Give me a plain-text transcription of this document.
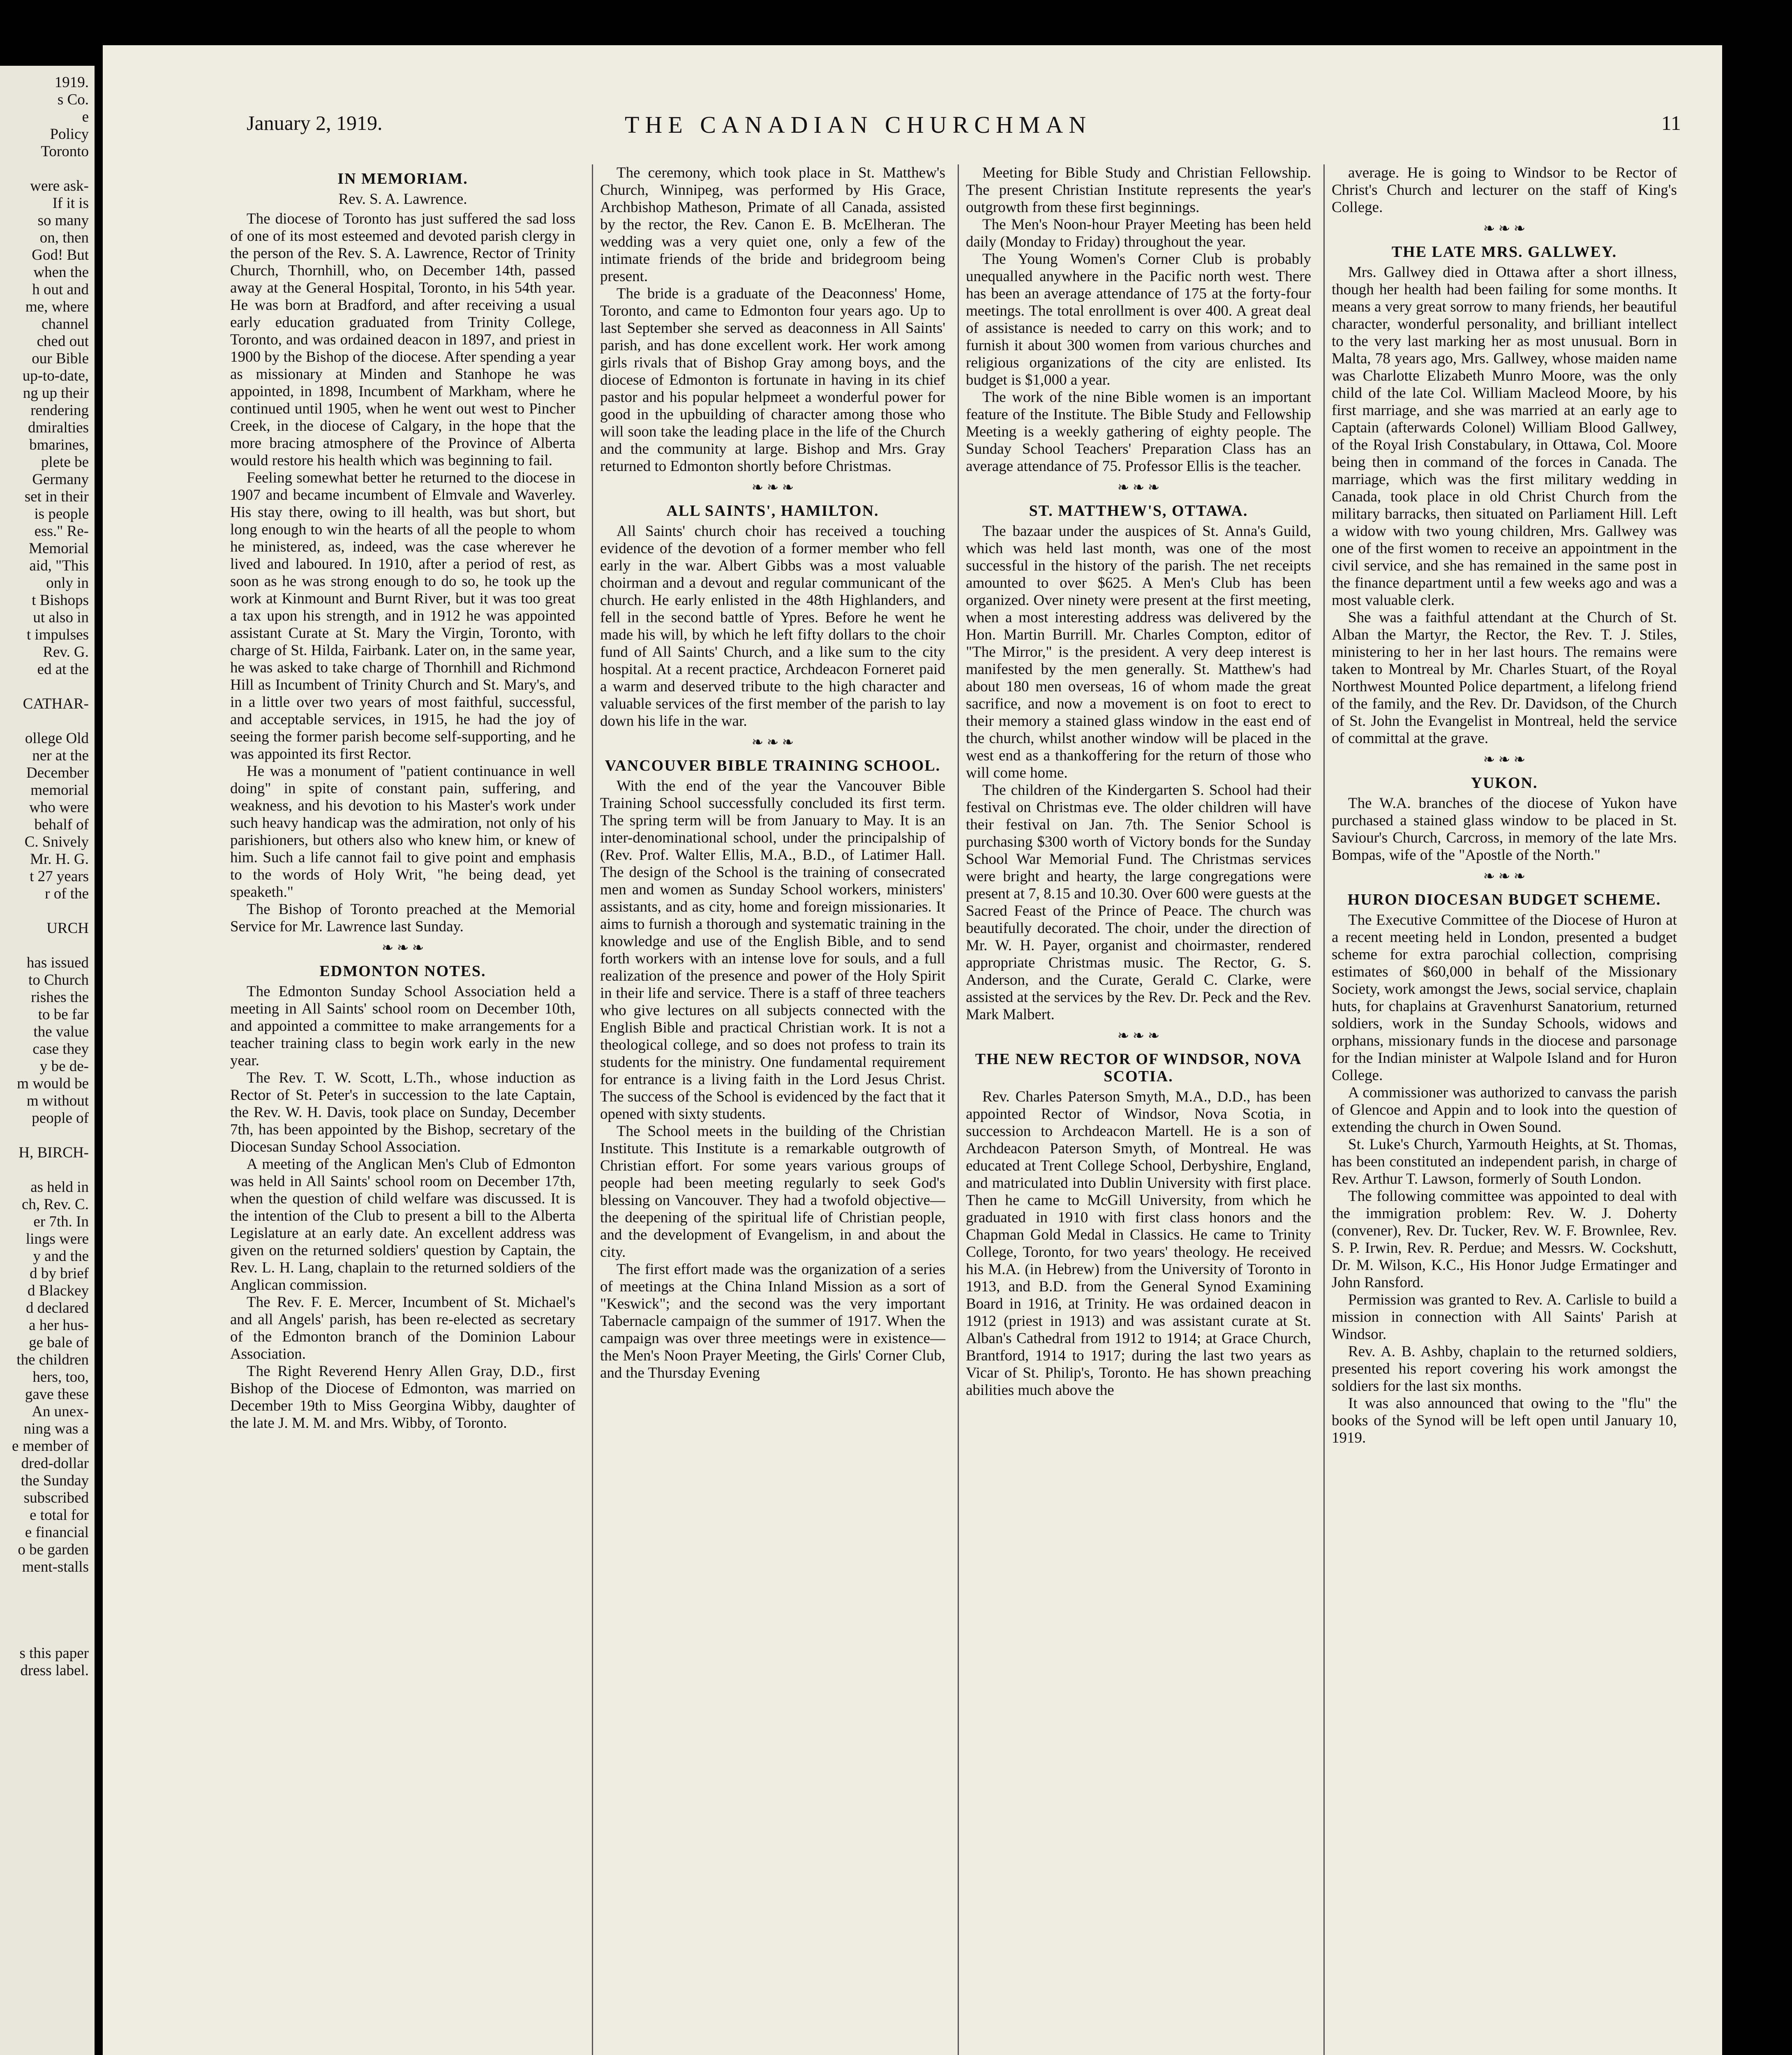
1919.
s Co.
e
Policy
Toronto
were ask-
If it is
so many
on, then
God! But
when the
h out and
me, where
channel
ched out
our Bible
up-to-date,
ng up their
rendering
dmiralties
bmarines,
plete be
Germany
set in their
is people
ess." Re-
Memorial
aid, "This
only in
t Bishops
ut also in
t impulses
Rev. G.
ed at the
CATHAR-
ollege Old
ner at the
December
memorial
who were
behalf of
C. Snively
Mr. H. G.
t 27 years
r of the
URCH
has issued
to Church
rishes the
to be far
the value
case they
y be de-
m would be
m without
people of
H, BIRCH-
as held in
ch, Rev. C.
er 7th. In
lings were
y and the
d by brief
d Blackey
d declared
a her hus-
ge bale of
the children
hers, too,
gave these
An unex-
ning was a
e member of
dred-dollar
the Sunday
subscribed
e total for
e financial
o be garden
ment-stalls
s this paper
dress label.
January 2, 1919.	THE CANADIAN CHURCHMAN	11
IN MEMORIAM.

Rev. S. A. Lawrence.

The diocese of Toronto has just suffered the sad loss of one of its most esteemed and devoted parish clergy in the person of the Rev. S. A. Lawrence, Rector of Trinity Church, Thornhill, who, on December 14th, passed away at the General Hospital, Toronto, in his 54th year. He was born at Bradford, and after receiving a usual early education graduated from Trinity College, Toronto, and was ordained deacon in 1897, and priest in 1900 by the Bishop of the diocese. After spending a year as missionary at Minden and Stanhope he was appointed, in 1898, Incumbent of Markham, where he continued until 1905, when he went out west to Pincher Creek, in the diocese of Calgary, in the hope that the more bracing atmosphere of the Province of Alberta would restore his health which was beginning to fail.

Feeling somewhat better he returned to the diocese in 1907 and became incumbent of Elmvale and Waverley. His stay there, owing to ill health, was but short, but long enough to win the hearts of all the people to whom he ministered, as, indeed, was the case wherever he lived and laboured. In 1910, after a period of rest, as soon as he was strong enough to do so, he took up the work at Kinmount and Burnt River, but it was too great a tax upon his strength, and in 1912 he was appointed assistant Curate at St. Mary the Virgin, Toronto, with charge of St. Hilda, Fairbank. Later on, in the same year, he was asked to take charge of Thornhill and Richmond Hill as Incumbent of Trinity Church and St. Mary's, and in a little over two years of most faithful, successful, and acceptable services, in 1915, he had the joy of seeing the former parish become self-supporting, and he was appointed its first Rector.

He was a monument of "patient continuance in well doing" in spite of constant pain, suffering, and weakness, and his devotion to his Master's work under such heavy handicap was the admiration, not only of his parishioners, but others also who knew him, or knew of him. Such a life cannot fail to give point and emphasis to the words of Holy Writ, "he being dead, yet speaketh."

The Bishop of Toronto preached at the Memorial Service for Mr. Lawrence last Sunday.

❧ ❧ ❧
EDMONTON NOTES.

The Edmonton Sunday School Association held a meeting in All Saints' school room on December 10th, and appointed a committee to make arrangements for a teacher training class to begin work early in the new year.

The Rev. T. W. Scott, L.Th., whose induction as Rector of St. Peter's in succession to the late Captain, the Rev. W. H. Davis, took place on Sunday, December 7th, has been appointed by the Bishop, secretary of the Diocesan Sunday School Association.

A meeting of the Anglican Men's Club of Edmonton was held in All Saints' school room on December 17th, when the question of child welfare was discussed. It is the intention of the Club to present a bill to the Alberta Legislature at an early date. An excellent address was given on the returned soldiers' question by Captain, the Rev. L. H. Lang, chaplain to the returned soldiers of the Anglican commission.

The Rev. F. E. Mercer, Incumbent of St. Michael's and all Angels' parish, has been re-elected as secretary of the Edmonton branch of the Dominion Labour Association.

The Right Reverend Henry Allen Gray, D.D., first Bishop of the Diocese of Edmonton, was married on December 19th to Miss Georgina Wibby, daughter of the late J. M. M. and Mrs. Wibby, of Toronto.

The ceremony, which took place in St. Matthew's Church, Winnipeg, was performed by His Grace, Archbishop Matheson, Primate of all Canada, assisted by the rector, the Rev. Canon E. B. McElheran. The wedding was a very quiet one, only a few of the intimate friends of the bride and bridegroom being present.

The bride is a graduate of the Deaconness' Home, Toronto, and came to Edmonton four years ago. Up to last September she served as deaconness in All Saints' parish, and has done excellent work. Her work among girls rivals that of Bishop Gray among boys, and the diocese of Edmonton is fortunate in having in its chief pastor and his popular helpmeet a wonderful power for good in the upbuilding of character among those who will soon take the leading place in the life of the Church and the community at large. Bishop and Mrs. Gray returned to Edmonton shortly before Christmas.

❧ ❧ ❧
ALL SAINTS', HAMILTON.

All Saints' church choir has received a touching evidence of the devotion of a former member who fell early in the war. Albert Gibbs was a most valuable choirman and a devout and regular communicant of the church. He early enlisted in the 48th Highlanders, and fell in the second battle of Ypres. Before he went he made his will, by which he left fifty dollars to the choir fund of All Saints' Church, and a like sum to the city hospital. At a recent practice, Archdeacon Forneret paid a warm and deserved tribute to the high character and valuable services of the first member of the parish to lay down his life in the war.

❧ ❧ ❧
VANCOUVER BIBLE TRAINING SCHOOL.

With the end of the year the Vancouver Bible Training School successfully concluded its first term. The spring term will be from January to May. It is an inter-denominational school, under the principalship of (Rev. Prof. Walter Ellis, M.A., B.D., of Latimer Hall. The design of the School is the training of consecrated men and women as Sunday School workers, ministers' assistants, and as city, home and foreign missionaries. It aims to furnish a thorough and systematic training in the knowledge and use of the English Bible, and to send forth workers with an intense love for souls, and a full realization of the presence and power of the Holy Spirit in their life and service. There is a staff of three teachers who give lectures on all subjects connected with the English Bible and practical Christian work. It is not a theological college, and so does not profess to train its students for the ministry. One fundamental requirement for entrance is a living faith in the Lord Jesus Christ. The success of the School is evidenced by the fact that it opened with sixty students.

The School meets in the building of the Christian Institute. This Institute is a remarkable outgrowth of Christian effort. For some years various groups of people had been meeting regularly to seek God's blessing on Vancouver. They had a twofold objective—the deepening of the spiritual life of Christian people, and the development of Evangelism, in and about the city.

The first effort made was the organization of a series of meetings at the China Inland Mission as a sort of "Keswick"; and the second was the very important Tabernacle campaign of the summer of 1917. When the campaign was over three meetings were in existence—the Men's Noon Prayer Meeting, the Girls' Corner Club, and the Thursday Evening

Meeting for Bible Study and Christian Fellowship. The present Christian Institute represents the year's outgrowth from these first beginnings.

The Men's Noon-hour Prayer Meeting has been held daily (Monday to Friday) throughout the year.

The Young Women's Corner Club is probably unequalled anywhere in the Pacific north west. There has been an average attendance of 175 at the forty-four meetings. The total enrollment is over 400. A great deal of assistance is needed to carry on this work; and to furnish it about 300 women from various churches and religious organizations of the city are enlisted. Its budget is $1,000 a year.

The work of the nine Bible women is an important feature of the Institute. The Bible Study and Fellowship Meeting is a weekly gathering of eighty people. The Sunday School Teachers' Preparation Class has an average attendance of 75. Professor Ellis is the teacher.

❧ ❧ ❧
ST. MATTHEW'S, OTTAWA.

The bazaar under the auspices of St. Anna's Guild, which was held last month, was one of the most successful in the history of the parish. The net receipts amounted to over $625. A Men's Club has been organized. Over ninety were present at the first meeting, when a most interesting address was delivered by the Hon. Martin Burrill. Mr. Charles Compton, editor of "The Mirror," is the president. A very deep interest is manifested by the men generally. St. Matthew's had about 180 men overseas, 16 of whom made the great sacrifice, and now a movement is on foot to erect to their memory a stained glass window in the east end of the church, whilst another window will be placed in the west end as a thankoffering for the return of those who will come home.

The children of the Kindergarten S. School had their festival on Christmas eve. The older children will have their festival on Jan. 7th. The Senior School is purchasing $300 worth of Victory bonds for the Sunday School War Memorial Fund. The Christmas services were bright and hearty, the large congregations were present at 7, 8.15 and 10.30. Over 600 were guests at the Sacred Feast of the Prince of Peace. The church was beautifully decorated. The choir, under the direction of Mr. W. H. Payer, organist and choirmaster, rendered appropriate Christmas music. The Rector, G. S. Anderson, and the Curate, Gerald C. Clarke, were assisted at the services by the Rev. Dr. Peck and the Rev. Mark Malbert.

❧ ❧ ❧
THE NEW RECTOR OF WINDSOR, NOVA SCOTIA.

Rev. Charles Paterson Smyth, M.A., D.D., has been appointed Rector of Windsor, Nova Scotia, in succession to Archdeacon Martell. He is a son of Archdeacon Paterson Smyth, of Montreal. He was educated at Trent College School, Derbyshire, England, and matriculated into Dublin University with first place. Then he came to McGill University, from which he graduated in 1910 with first class honors and the Chapman Gold Medal in Classics. He came to Trinity College, Toronto, for two years' theology. He received his M.A. (in Hebrew) from the University of Toronto in 1913, and B.D. from the General Synod Examining Board in 1916, at Trinity. He was ordained deacon in 1912 (priest in 1913) and was assistant curate at St. Alban's Cathedral from 1912 to 1914; at Grace Church, Brantford, 1914 to 1917; during the last two years as Vicar of St. Philip's, Toronto. He has shown preaching abilities much above the

average. He is going to Windsor to be Rector of Christ's Church and lecturer on the staff of King's College.

❧ ❧ ❧
THE LATE MRS. GALLWEY.

Mrs. Gallwey died in Ottawa after a short illness, though her health had been failing for some months. It means a very great sorrow to many friends, her beautiful character, wonderful personality, and brilliant intellect to the very last marking her as most unusual. Born in Malta, 78 years ago, Mrs. Gallwey, whose maiden name was Charlotte Elizabeth Munro Moore, was the only child of the late Col. William Macleod Moore, by his first marriage, and she was married at an early age to Captain (afterwards Colonel) William Blood Gallwey, of the Royal Irish Constabulary, in Ottawa, Col. Moore being then in command of the forces in Canada. The marriage, which was the first military wedding in Canada, took place in old Christ Church from the military barracks, then situated on Parliament Hill. Left a widow with two young children, Mrs. Gallwey was one of the first women to receive an appointment in the civil service, and she has remained in the same post in the finance department until a few weeks ago and was a most valuable clerk.

She was a faithful attendant at the Church of St. Alban the Martyr, the Rector, the Rev. T. J. Stiles, ministering to her in her last hours. The remains were taken to Montreal by Mr. Charles Stuart, of the Royal Northwest Mounted Police department, a lifelong friend of the family, and the Rev. Dr. Davidson, of the Church of St. John the Evangelist in Montreal, held the service of committal at the grave.

❧ ❧ ❧
YUKON.

The W.A. branches of the diocese of Yukon have purchased a stained glass window to be placed in St. Saviour's Church, Carcross, in memory of the late Mrs. Bompas, wife of the "Apostle of the North."

❧ ❧ ❧
HURON DIOCESAN BUDGET SCHEME.

The Executive Committee of the Diocese of Huron at a recent meeting held in London, presented a budget scheme for extra parochial collection, comprising estimates of $60,000 in behalf of the Missionary Society, work amongst the Jews, social service, chaplain huts, for chaplains at Gravenhurst Sanatorium, returned soldiers, work in the Sunday Schools, widows and orphans, missionary funds in the diocese and parsonage for the Indian minister at Walpole Island and for Huron College.

A commissioner was authorized to canvass the parish of Glencoe and Appin and to look into the question of extending the church in Owen Sound.

St. Luke's Church, Yarmouth Heights, at St. Thomas, has been constituted an independent parish, in charge of Rev. Arthur T. Lawson, formerly of South London.

The following committee was appointed to deal with the immigration problem: Rev. W. J. Doherty (convener), Rev. Dr. Tucker, Rev. W. F. Brownlee, Rev. S. P. Irwin, Rev. R. Perdue; and Messrs. W. Cockshutt, Dr. M. Wilson, K.C., His Honor Judge Ermatinger and John Ransford.

Permission was granted to Rev. A. Carlisle to build a mission in connection with All Saints' Parish at Windsor.

Rev. A. B. Ashby, chaplain to the returned soldiers, presented his report covering his work amongst the soldiers for the last six months.

It was also announced that owing to the "flu" the books of the Synod will be left open until January 10, 1919.
